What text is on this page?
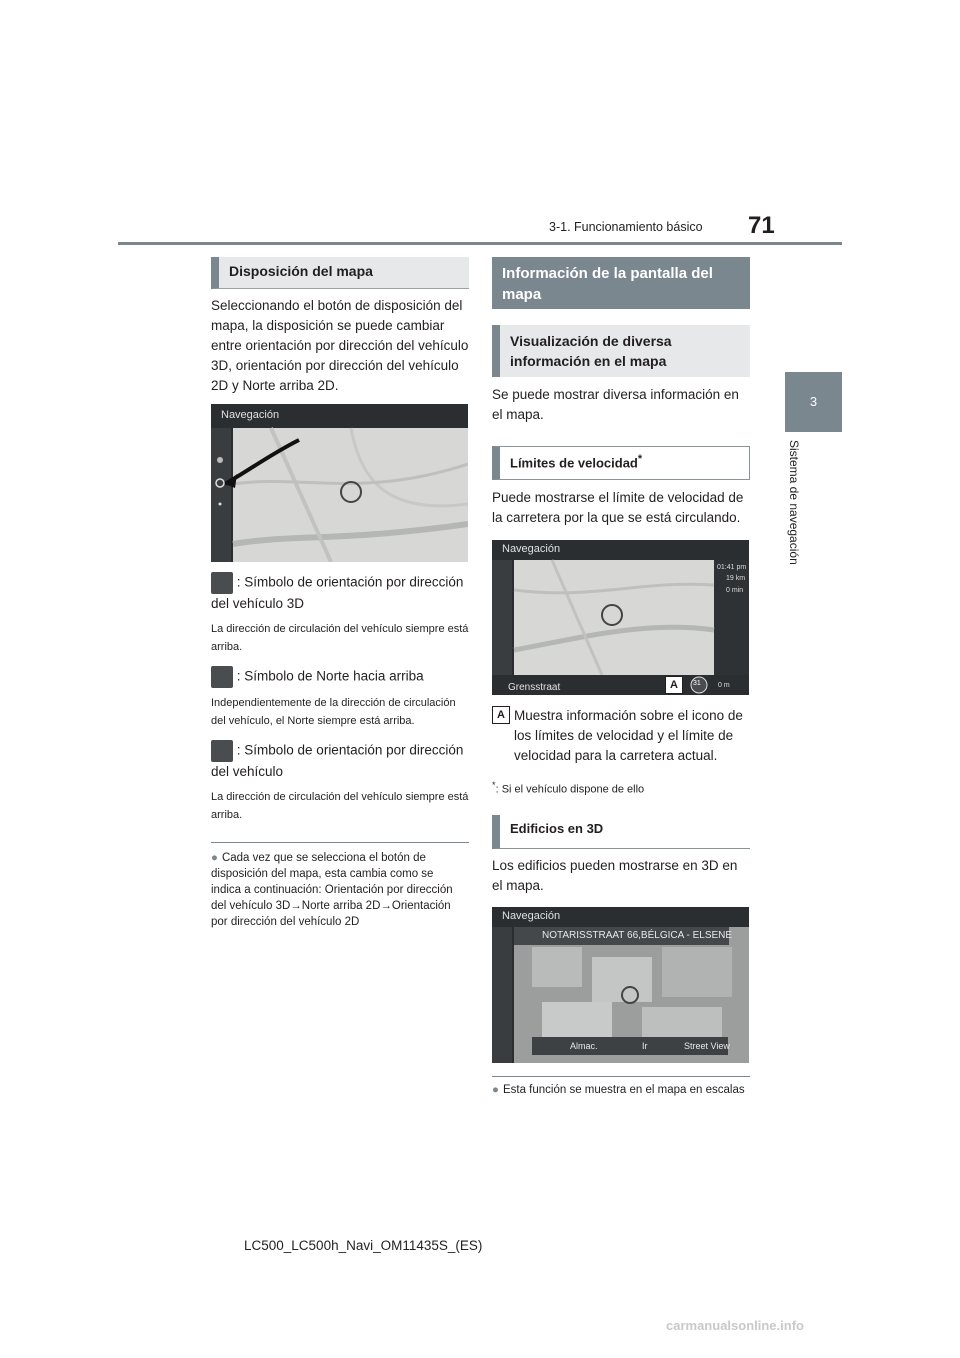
71
3-1. Funcionamiento básico
3
Sistema de navegación
Disposición del mapa
Seleccionando el botón de disposición del mapa, la disposición se puede cambiar entre orientación por dirección del vehículo 3D, orientación por dirección del vehículo 2D y Norte arriba 2D.
Navegación
: Símbolo de orientación por dirección del vehículo 3D
La dirección de circulación del vehículo siempre está arriba.
: Símbolo de Norte hacia arriba
Independientemente de la dirección de circulación del vehículo, el Norte siempre está arriba.
: Símbolo de orientación por dirección del vehículo
La dirección de circulación del vehículo siempre está arriba.
● Cada vez que se selecciona el botón de disposición del mapa, esta cambia como se indica a continuación: Orientación por dirección del vehículo 3D→Norte arriba 2D→Orientación por dirección del vehículo 2D
Información de la pantalla del mapa
Visualización de diversa información en el mapa
Se puede mostrar diversa información en el mapa.
Límites de velocidad*
Puede mostrarse el límite de velocidad de la carretera por la que se está circulando.
Navegación
01:41 pm
19 km
0 min
Grensstraat	A	31 0 m
A Muestra información sobre el icono de los límites de velocidad y el límite de velocidad para la carretera actual.
*: Si el vehículo dispone de ello
Edificios en 3D
Los edificios pueden mostrarse en 3D en el mapa.
Navegación
NOTARISSTRAAT 66,BÉLGICA - ELSENE
Almac.	Ir	Street View
● Esta función se muestra en el mapa en escalas
LC500_LC500h_Navi_OM11435S_(ES)
carmanualsonline.info
